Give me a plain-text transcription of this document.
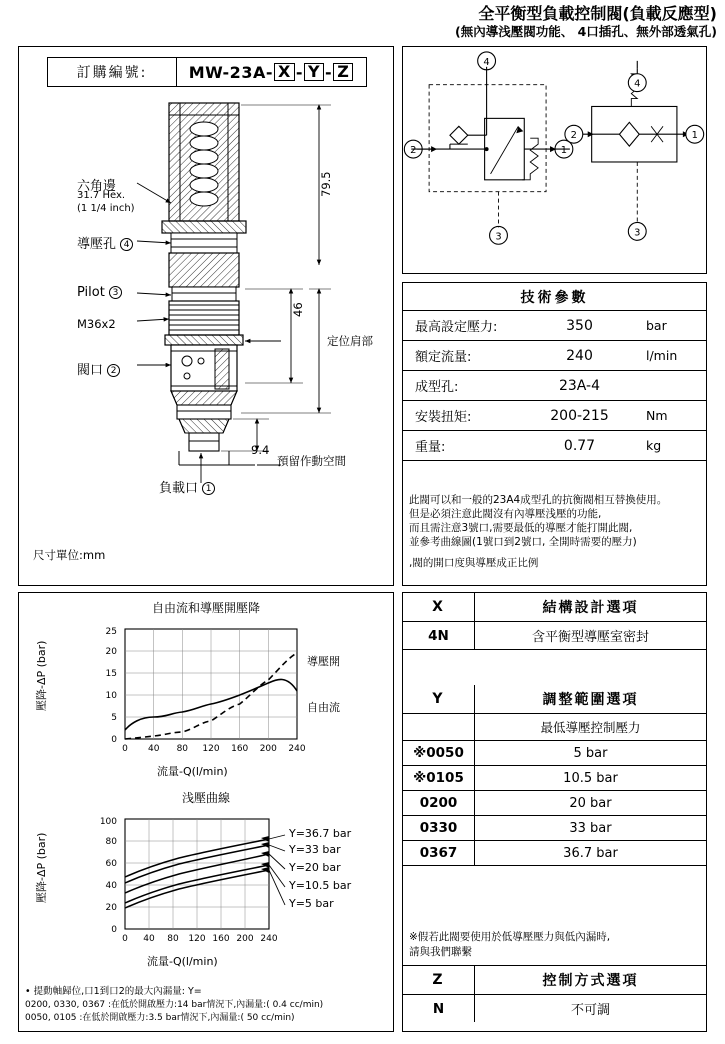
全平衡型負載控制閥(負載反應型)
(無內導浅壓閥功能、 4口插孔、無外部透氣孔)
訂購編號:	MW-23A- X - Y - Z
六角邊
31.7 Hex.
(1 1/4 inch)
導壓孔 4
Pilot 3
M36x2
閥口 2
負載口 1
79.5
46
9.4
定位肩部
預留作動空間
尺寸單位:mm
4
3
2	1
4
3
2	1
技術參數
最高設定壓力:	350	bar
額定流量:	240	l/min
成型孔:	23A-4
安裝扭矩:	200-215	Nm
重量:	0.77	kg
此閥可以和一般的23A4成型孔的抗衡閥相互替換使用。
但是必須注意此閥沒有內導壓浅壓的功能,
而且需注意3號口,需要最低的導壓才能打開此閥,
並參考曲線圖(1號口到2號口, 全開時需要的壓力)
,閥的開口度與導壓成正比例
自由流和導壓開壓降
0
5
10
15
20
25
0 40 80 120 160 200 240
壓降-ΔP (bar)
流量-Q(l/min)
導壓開
自由流
浅壓曲線
0
20
40
60
80
100
0 40 80 120 160 200 240
壓降-ΔP (bar)
流量-Q(l/min)
Y=36.7 bar
Y=33 bar
Y=20 bar
Y=10.5 bar
Y=5 bar
• 提動軸歸位,口1到口2的最大內漏量: Y=
0200, 0330, 0367 :在低於開啟壓力:14 bar情況下,內漏量:( 0.4 cc/min)
0050, 0105 :在低於開啟壓力:3.5 bar情況下,內漏量:( 50 cc/min)
X	結構設計選項
4N	含平衡型導壓室密封
Y	調整範圍選項

最低導壓控制壓力
※0050	5 bar
※0105	10.5 bar
0200	20 bar
0330	33 bar
0367	36.7 bar
※假若此閥要使用於低導壓壓力與低內漏時,
請與我們聯繫
Z	控制方式選項
N	不可調
